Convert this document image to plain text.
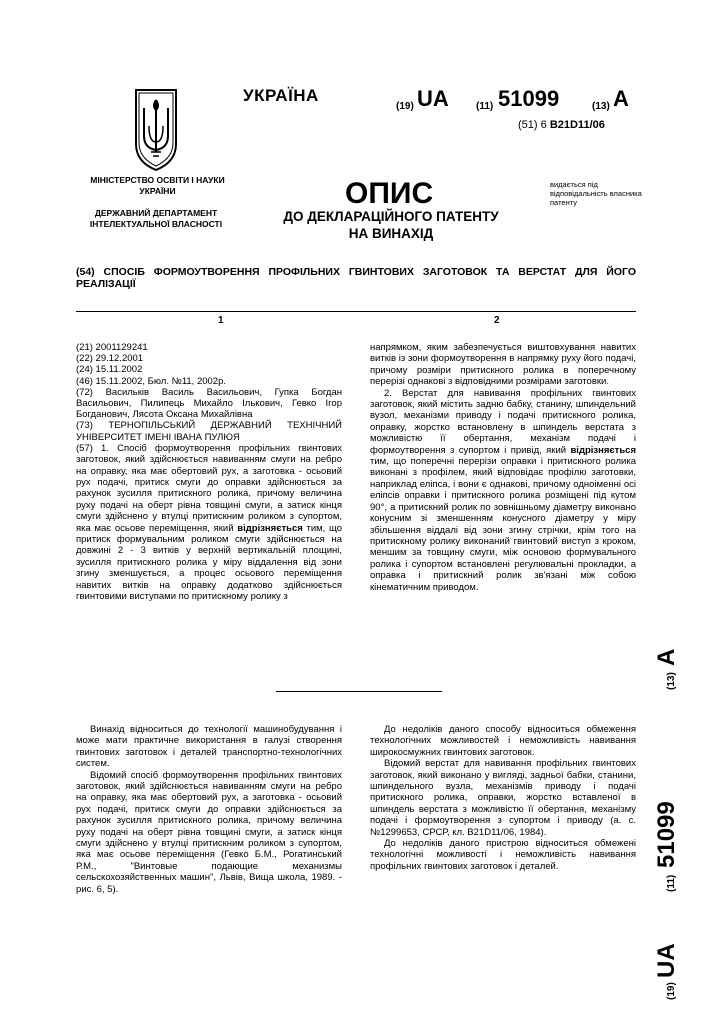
УКРАЇНА
(19) UA	(11) 51099	(13) A
(51) 6 B21D11/06
МІНІСТЕРСТВО ОСВІТИ І НАУКИ УКРАЇНИ
ДЕРЖАВНИЙ ДЕПАРТАМЕНТ ІНТЕЛЕКТУАЛЬНОЇ ВЛАСНОСТІ
ОПИС
ДО ДЕКЛАРАЦІЙНОГО ПАТЕНТУ
НА ВИНАХІД
видається під відповідальність власника патенту
(54) СПОСІБ ФОРМОУТВОРЕННЯ ПРОФІЛЬНИХ ГВИНТОВИХ ЗАГОТОВОК ТА ВЕРСТАТ ДЛЯ ЙОГО РЕАЛІЗАЦІЇ
1	2
(21) 2001129241
(22) 29.12.2001
(24) 15.11.2002
(46) 15.11.2002, Бюл. №11, 2002р.
(72) Васильків Василь Васильович, Гупка Богдан Васильович, Пилипець Михайло Ількович, Гевко Ігор Богданович, Лясота Оксана Михайлівна
(73) ТЕРНОПІЛЬСЬКИЙ ДЕРЖАВНИЙ ТЕХНІЧНИЙ УНІВЕРСИТЕТ ІМЕНІ ІВАНА ПУЛЮЯ

(57) 1. Спосіб формоутворення профільних гвинтових заготовок, який здійснюється навиванням смуги на ребро на оправку, яка має обертовий рух, а заготовка - осьовий рух подачі, притиск смуги до оправки здійснюється за рахунок зусилля притискного ролика, причому величина руху подачі на оберт рівна товщині смуги, а затиск кінця смуги здійснено у втулці притискним роликом з супортом, яка має осьове переміщення, який відрізняється тим, що притиск формувальним роликом смуги здійснюється на довжині 2 - 3 витків у верхній вертикальній площині, зусилля притискного ролика у міру віддалення від зони згину зменшується, а процес осьового переміщення навитих витків на оправку додатково здійснюється гвинтовими виступами по притискному ролику з

напрямком, яким забезпечується виштовхування навитих витків із зони формоутворення в напрямку руху його подачі, причому розміри притискного ролика в поперечному перерізі однакові з відповідними розмірами заготовки.

2. Верстат для навивання профільних гвинтових заготовок, який містить задню бабку, станину, шпиндельний вузол, механізми приводу і подачі притискного ролика, оправку, жорстко встановлену в шпиндель верстата з можливістю її обертання, механізм подачі і формоутворення з супортом і привід, який відрізняється тим, що поперечні перерізи оправки і притискного ролика виконані з профілем, який відповідає профілю заготовки, наприклад еліпса, і вони є однакові, причому одноіменні осі еліпсів оправки і притискного ролика розміщені під кутом 90°, а притискний ролик по зовнішньому діаметру виконано конусним зі зменшенням конусного діаметру у міру збільшення віддалі від зони згину стрічки, крім того на притискному ролику виконаний гвинтовий виступ з кроком, меншим за товщину смуги, між основою формувального ролика і супортом встановлені регулювальні прокладки, а оправка і притискний ролик зв'язані між собою кінематичним приводом.

Винахід відноситься до технології машинобудування і може мати практичне використання в галузі створення гвинтових заготовок і деталей транспортно-технологічних систем.

Відомий спосіб формоутворення профільних гвинтових заготовок, який здійснюється навиванням смуги на ребро на оправку, яка має обертовий рух, а заготовка - осьовий рух подачі, притиск смуги до оправки здійснюється за рахунок зусилля притискного ролика, причому величина руху подачі на оберт рівна товщині смуги, а затиск кінця смуги здійснено у втулці притискним роликом з супортом, яка має осьове переміщення (Гевко Б.М., Рогатинський Р.М., "Винтовые подающие механизмы сельскохозяйственных машин", Львів, Вища школа, 1989. - рис. 6, 5).

До недоліків даного способу відноситься обмеження технологічних можливостей і неможливість навивання широкосмужних гвинтових заготовок.

Відомий верстат для навивання профільних гвинтових заготовок, який виконано у вигляді, задньої бабки, станини, шпиндельного вузла, механізмів приводу і подачі притискного ролика, оправки, жорстко вставленої в шпиндель верстата з можливістю її обертання, механізму подачі і формоутворення з супортом і приводу (а. с. №1299653, СРСР, кл. B21D11/06, 1984).

До недоліків даного пристрою відноситься обмежені технологічні можливості і неможливість навивання профільних гвинтових заготовок і деталей.

(19)
UA
(11)
51099
(13)
A
